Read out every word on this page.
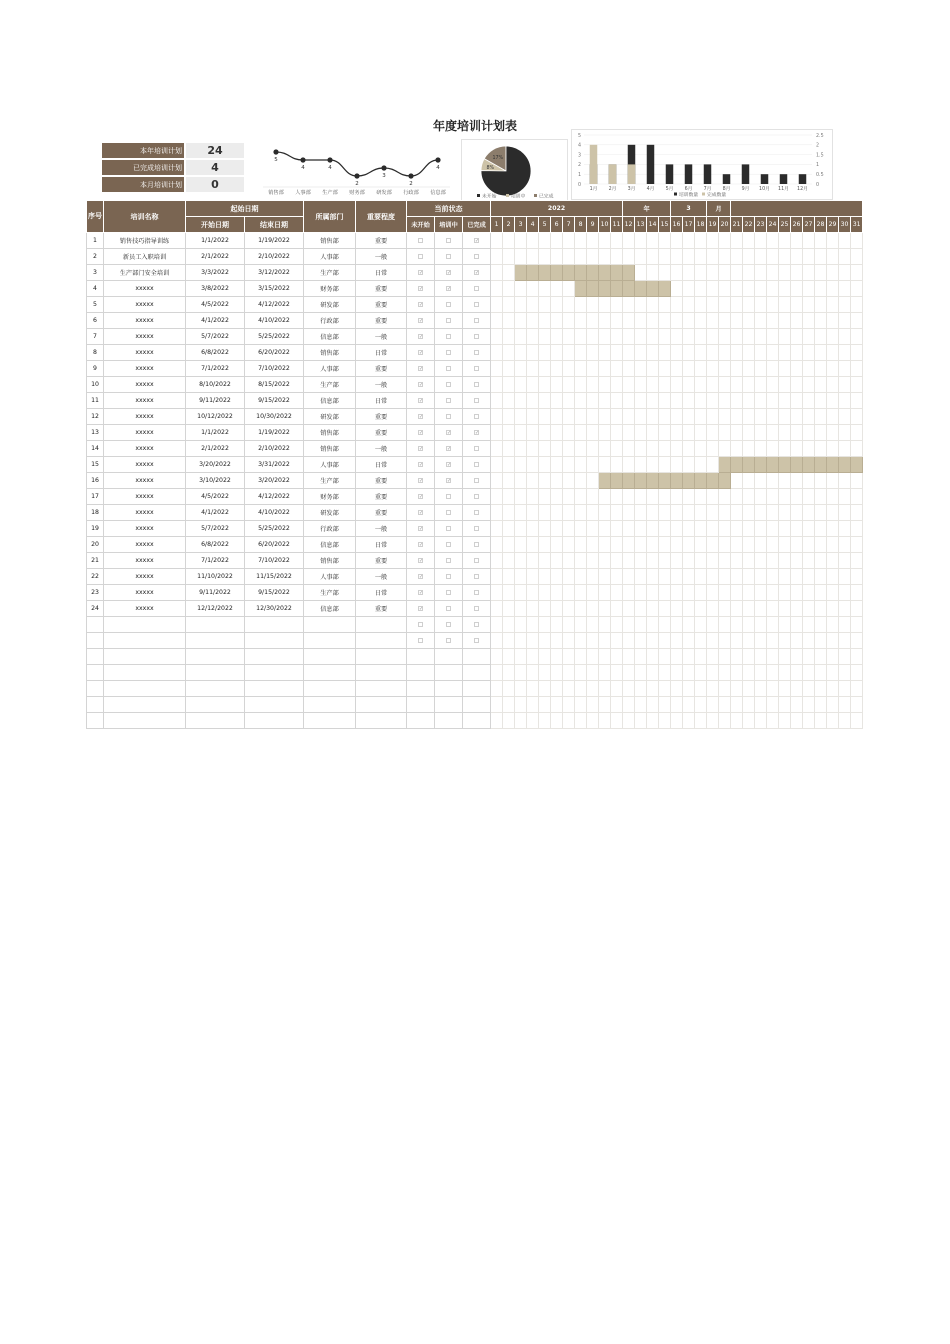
年度培训计划表
本年培训计划	24
已完成培训计划	4
本月培训计划	0
5
销售部
4
人事部
4
生产部
2
财务部
3
研发部
2
行政部
4
信息部
17%
8%
未开始	培训中	已完成
0	0
1	0.5
2	1
3	1.5
4	2
5	2.5
1月 2月 3月 4月 5月 6月 7月 8月 9月 10月 11月 12月
培训数量 完成数量
序号	培训名称	起始日期		所属部门	重要程度	当前状态			2022											年				3			月												
		开始日期	结束日期			未开始	培训中	已完成	1	2	3	4	5	6	7	8	9	10	11	12	13	14	15	16	17	18	19	20	21	22	23	24	25	26	27	28	29	30	31
1	销售技巧指导训练	1/1/2022	1/19/2022	销售部	重要			✓																															
2	新员工入职培训	2/1/2022	2/10/2022	人事部	一般																																		
3	生产部门安全培训	3/3/2022	3/12/2022	生产部	日常	✓	✓	✓																															
4	xxxxx	3/8/2022	3/15/2022	财务部	重要	✓	✓																																
5	xxxxx	4/5/2022	4/12/2022	研发部	重要	✓																																	
6	xxxxx	4/1/2022	4/10/2022	行政部	重要	✓																																	
7	xxxxx	5/7/2022	5/25/2022	信息部	一般	✓																																	
8	xxxxx	6/8/2022	6/20/2022	销售部	日常	✓																																	
9	xxxxx	7/1/2022	7/10/2022	人事部	重要	✓																																	
10	xxxxx	8/10/2022	8/15/2022	生产部	一般	✓																																	
11	xxxxx	9/11/2022	9/15/2022	信息部	日常	✓																																	
12	xxxxx	10/12/2022	10/30/2022	研发部	重要	✓																																	
13	xxxxx	1/1/2022	1/19/2022	销售部	重要	✓	✓	✓																															
14	xxxxx	2/1/2022	2/10/2022	销售部	一般	✓	✓																																
15	xxxxx	3/20/2022	3/31/2022	人事部	日常	✓	✓																																
16	xxxxx	3/10/2022	3/20/2022	生产部	重要	✓	✓																																
17	xxxxx	4/5/2022	4/12/2022	财务部	重要	✓																																	
18	xxxxx	4/1/2022	4/10/2022	研发部	重要	✓																																	
19	xxxxx	5/7/2022	5/25/2022	行政部	一般	✓																																	
20	xxxxx	6/8/2022	6/20/2022	信息部	日常	✓																																	
21	xxxxx	7/1/2022	7/10/2022	销售部	重要	✓																																	
22	xxxxx	11/10/2022	11/15/2022	人事部	一般	✓																																	
23	xxxxx	9/11/2022	9/15/2022	生产部	日常	✓																																	
24	xxxxx	12/12/2022	12/30/2022	信息部	重要	✓																																	
